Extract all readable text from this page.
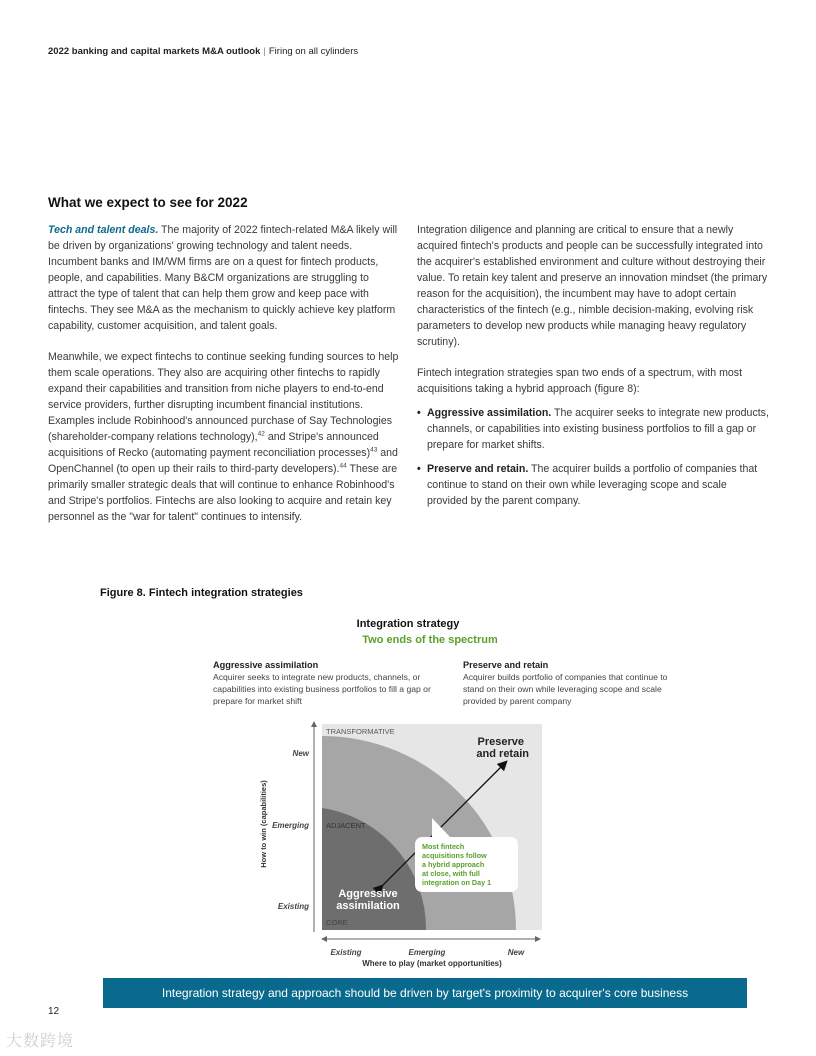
2022 banking and capital markets M&A outlook | Firing on all cylinders
What we expect to see for 2022

Tech and talent deals. The majority of 2022 fintech-related M&A likely will be driven by organizations' growing technology and talent needs. Incumbent banks and IM/WM firms are on a quest for fintech products, people, and capabilities. Many B&CM organizations are struggling to attract the type of talent that can help them grow and keep pace with fintechs. They see M&A as the mechanism to quickly achieve key platform capability, customer acquisition, and talent goals.

Meanwhile, we expect fintechs to continue seeking funding sources to help them scale operations. They also are acquiring other fintechs to rapidly expand their capabilities and transition from niche players to end-to-end service providers, further disrupting incumbent financial institutions. Examples include Robinhood's announced purchase of Say Technologies (shareholder-company relations technology),$^{42}$ and Stripe's announced acquisitions of Recko (automating payment reconciliation processes)$^{43}$ and OpenChannel (to open up their rails to third-party developers).$^{44}$ These are primarily smaller strategic deals that will continue to enhance Robinhood's and Stripe's portfolios. Fintechs are also looking to acquire and retain key personnel as the "war for talent" continues to intensify.

Integration diligence and planning are critical to ensure that a newly acquired fintech's products and people can be successfully integrated into the acquirer's established environment and culture without destroying their value. To retain key talent and preserve an innovation mindset (the primary reason for the acquisition), the incumbent may have to adopt certain characteristics of the fintech (e.g., nimble decision-making, evolving risk parameters to develop new products while managing heavy regulatory scrutiny).

Fintech integration strategies span two ends of a spectrum, with most acquisitions taking a hybrid approach (figure 8):

• Aggressive assimilation. The acquirer seeks to integrate new products, channels, or capabilities into existing business portfolios to fill a gap or prepare for market shifts.
• Preserve and retain. The acquirer builds a portfolio of companies that continue to stand on their own while leveraging scope and scale provided by the parent company.
Figure 8. Fintech integration strategies
Integration strategy
Two ends of the spectrum
Aggressive assimilation
Acquirer seeks to integrate new products, channels, or capabilities into existing business portfolios to fill a gap or prepare for market shift
Preserve and retain
Acquirer builds portfolio of companies that continue to stand on their own while leveraging scope and scale provided by parent company
TRANSFORMATIVE
ADJACENT
CORE
New
Emerging
Existing
How to win (capabilities)
Existing	Emerging	New
Where to play (market opportunities)
Preserve
and retain
Aggressive
assimilation
Most fintech
acquisitions follow
a hybrid approach
at close, with full
integration on Day 1
Integration strategy and approach should be driven by target's proximity to acquirer's core business
12
大数跨境
